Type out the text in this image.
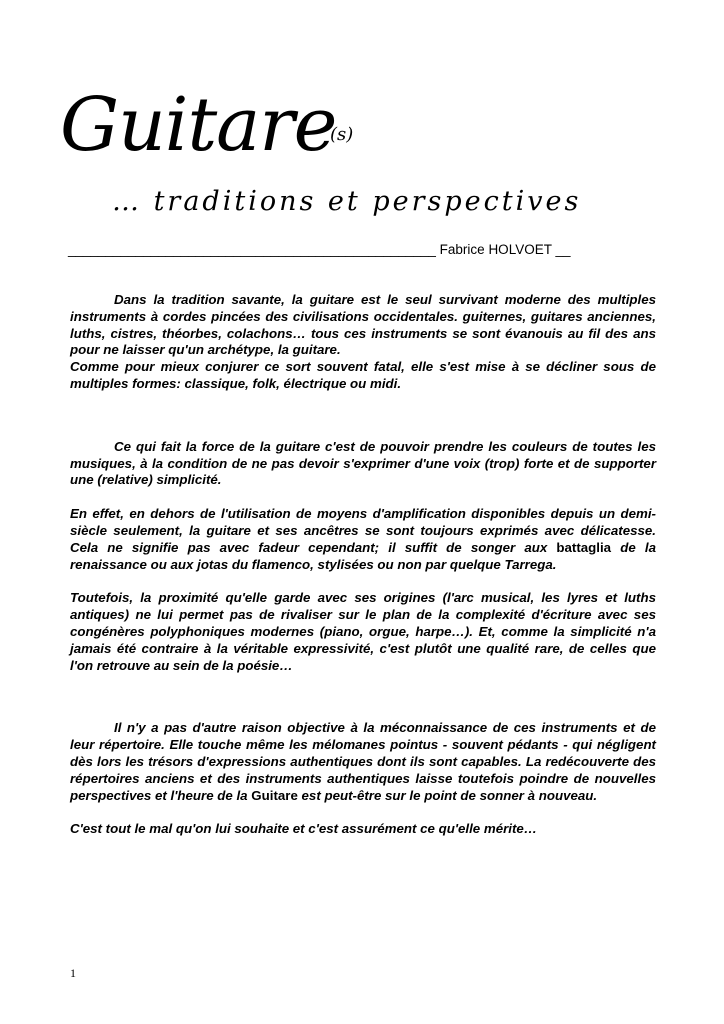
Guitare
(s)
… traditions et perspectives
_________________________________________________ Fabrice HOLVOET __

Dans la tradition savante, la guitare est le seul survivant moderne des multiples instruments à cordes pincées des civilisations occidentales. guiternes, guitares anciennes, luths, cistres, théorbes, colachons… tous ces instruments se sont évanouis au fil des ans pour ne laisser qu'un archétype, la guitare.

Comme pour mieux conjurer ce sort souvent fatal, elle s'est mise à se décliner sous de multiples formes: classique, folk, électrique ou midi.

Ce qui fait la force de la guitare c'est de pouvoir prendre les couleurs de toutes les musiques, à la condition de ne pas devoir s'exprimer d'une voix (trop) forte et de supporter une (relative) simplicité.

En effet, en dehors de l'utilisation de moyens d'amplification disponibles depuis un demi-siècle seulement, la guitare et ses ancêtres se sont toujours exprimés avec délicatesse. Cela ne signifie pas avec fadeur cependant; il suffit de songer aux battaglia de la renaissance ou aux jotas du flamenco, stylisées ou non par quelque Tarrega.

Toutefois, la proximité qu'elle garde avec ses origines (l'arc musical, les lyres et luths antiques) ne lui permet pas de rivaliser sur le plan de la complexité d'écriture avec ses congénères polyphoniques modernes (piano, orgue, harpe…). Et, comme la simplicité n'a jamais été contraire à la véritable expressivité, c'est plutôt une qualité rare, de celles que l'on retrouve au sein de la poésie…

Il n'y a pas d'autre raison objective à la méconnaissance de ces instruments et de leur répertoire. Elle touche même les mélomanes pointus - souvent pédants - qui négligent dès lors les trésors d'expressions authentiques dont ils sont capables. La redécouverte des répertoires anciens et des instruments authentiques laisse toutefois poindre de nouvelles perspectives et l'heure de la Guitare est peut-être sur le point de sonner à nouveau.

C'est tout le mal qu'on lui souhaite et c'est assurément ce qu'elle mérite…

1
